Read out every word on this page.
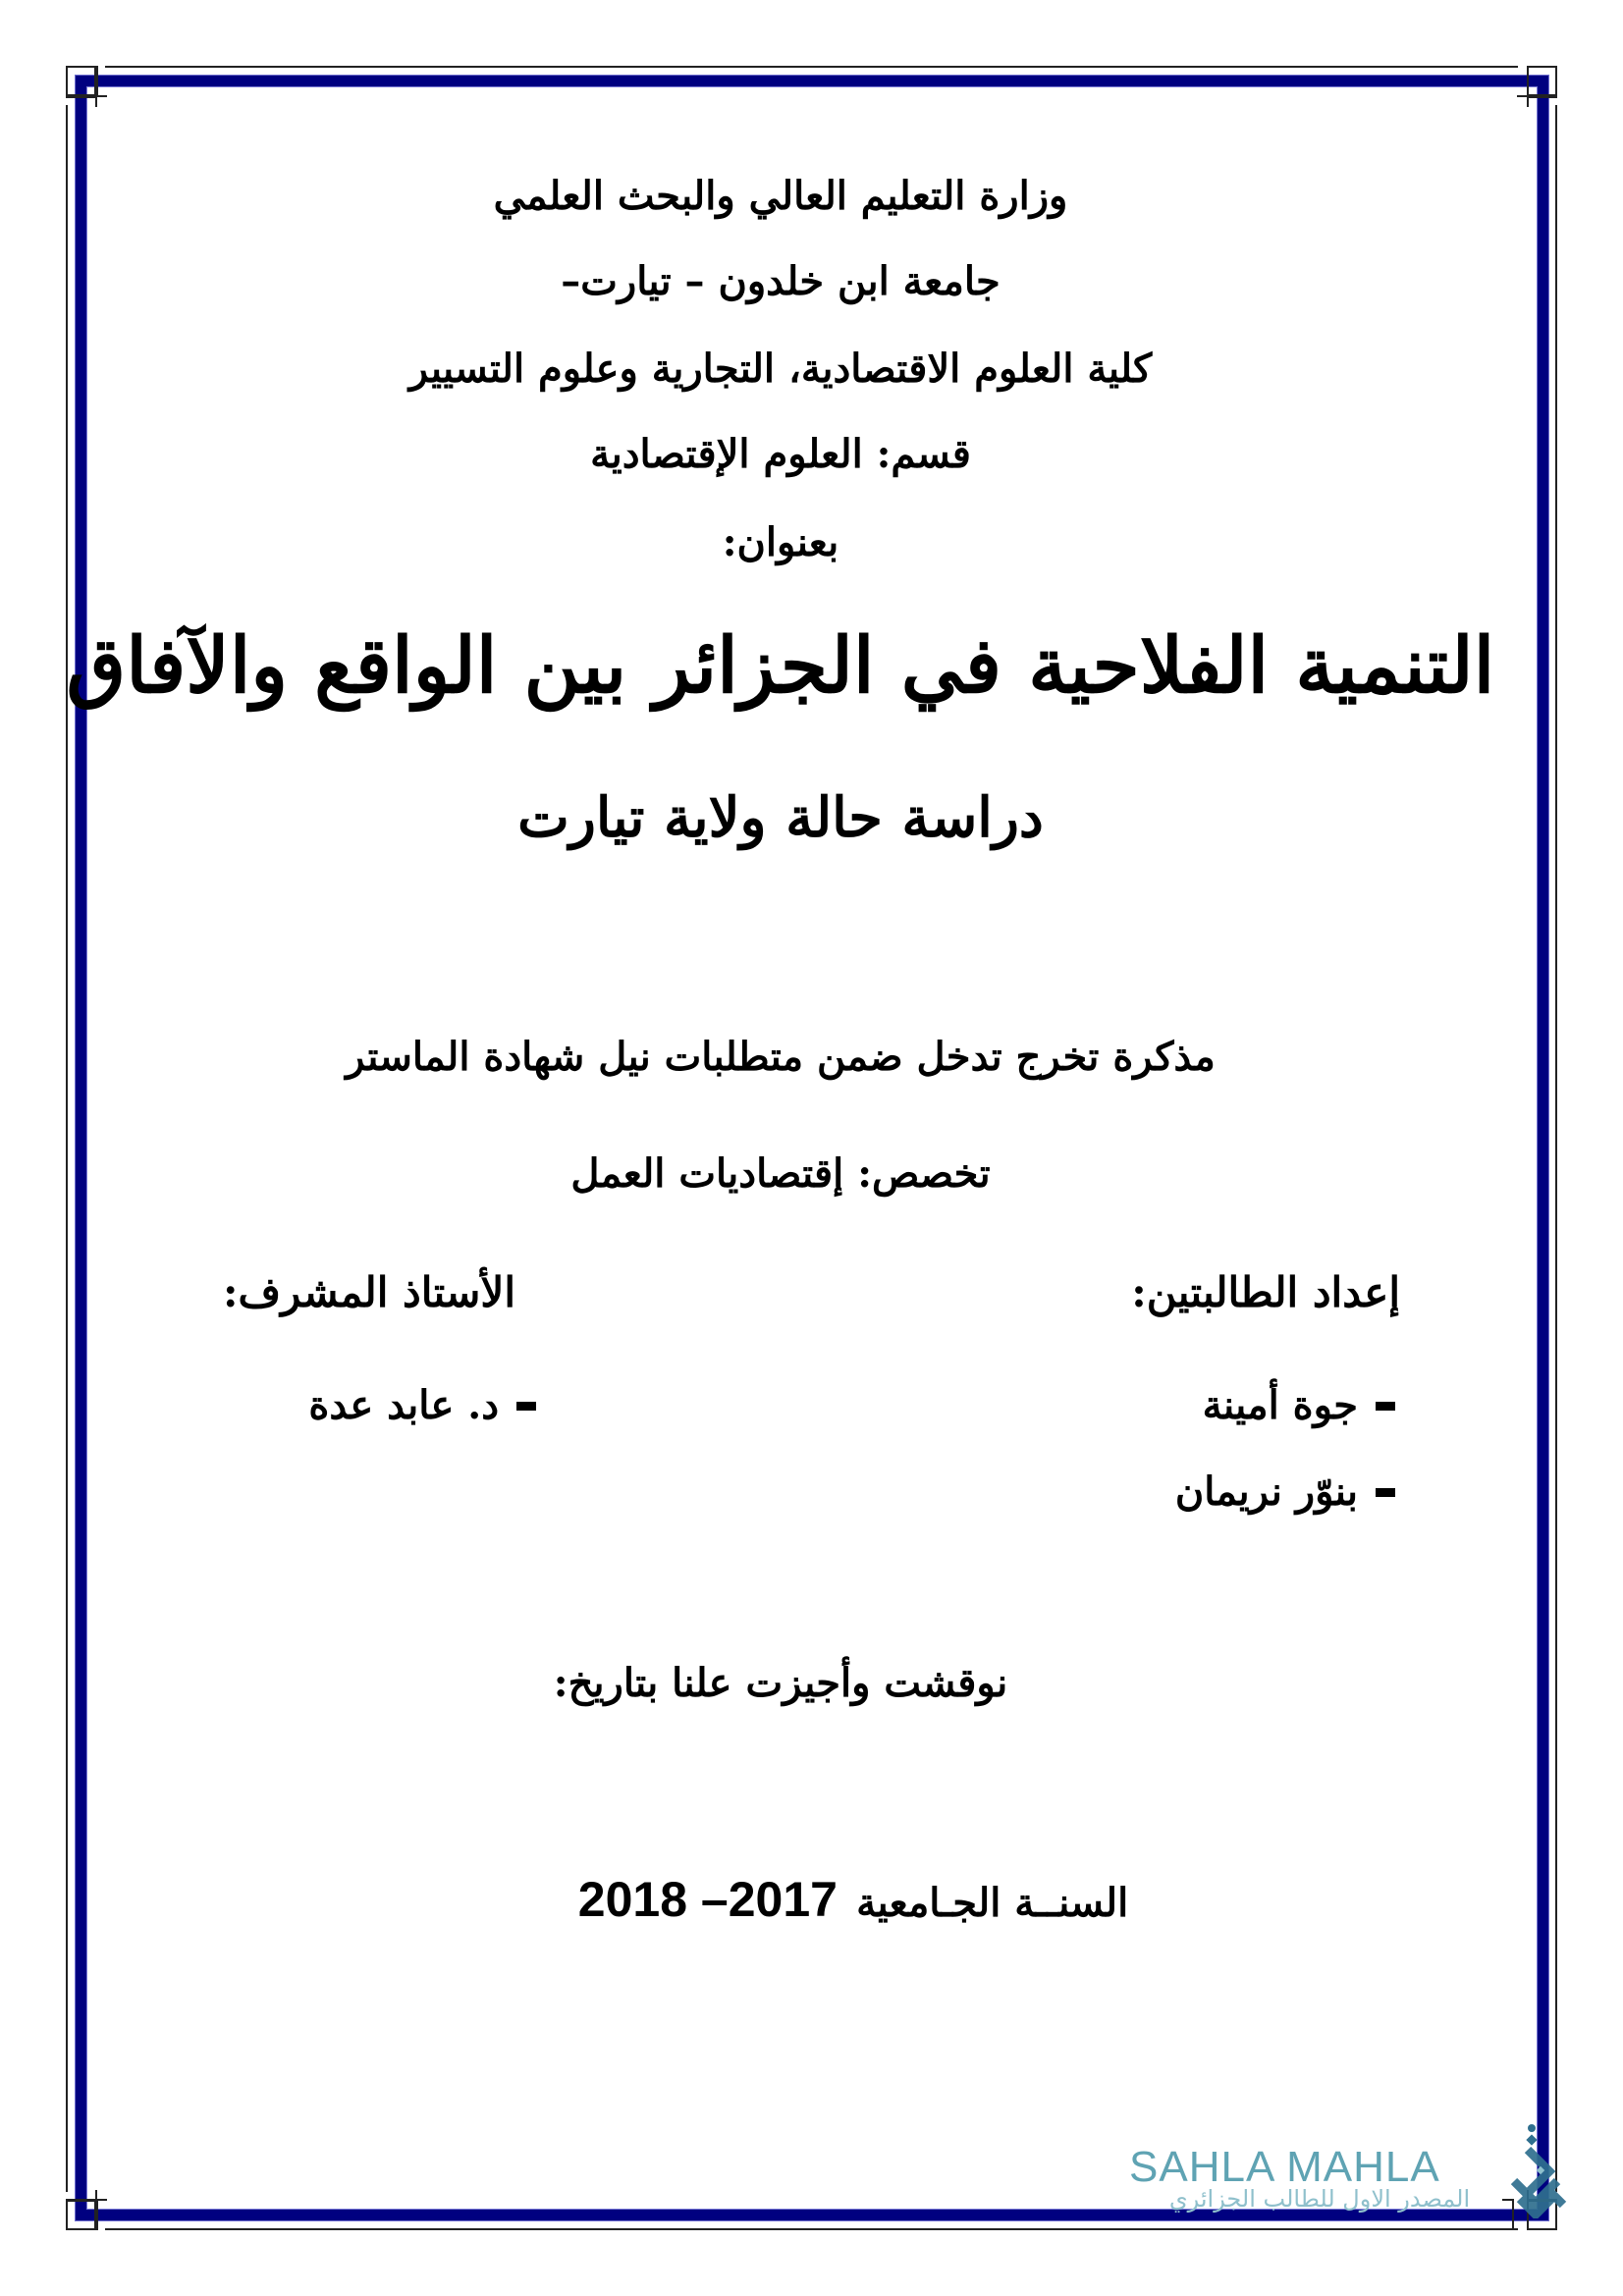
وزارة التعليم العالي والبحث العلمي
جامعة ابن خلدون – تيارت–
كلية العلوم الاقتصادية، التجارية وعلوم التسيير
قسم: العلوم الإقتصادية
بعنوان:
التنمية الفلاحية في الجزائر بين الواقع والآفاق
دراسة حالة ولاية تيارت
مذكرة تخرج تدخل ضمن متطلبات نيل شهادة الماستر
تخصص: إقتصاديات العمل
إعداد الطالبتين:
الأستاذ المشرف:
جوة أمينة
بنوّر نريمان
د. عابد عدة
نوقشت وأجيزت علنا بتاريخ:
السنــة الجـامعية 2018 –2017
SAHLA MAHLA
المصدر الاول للطالب الجزائري
